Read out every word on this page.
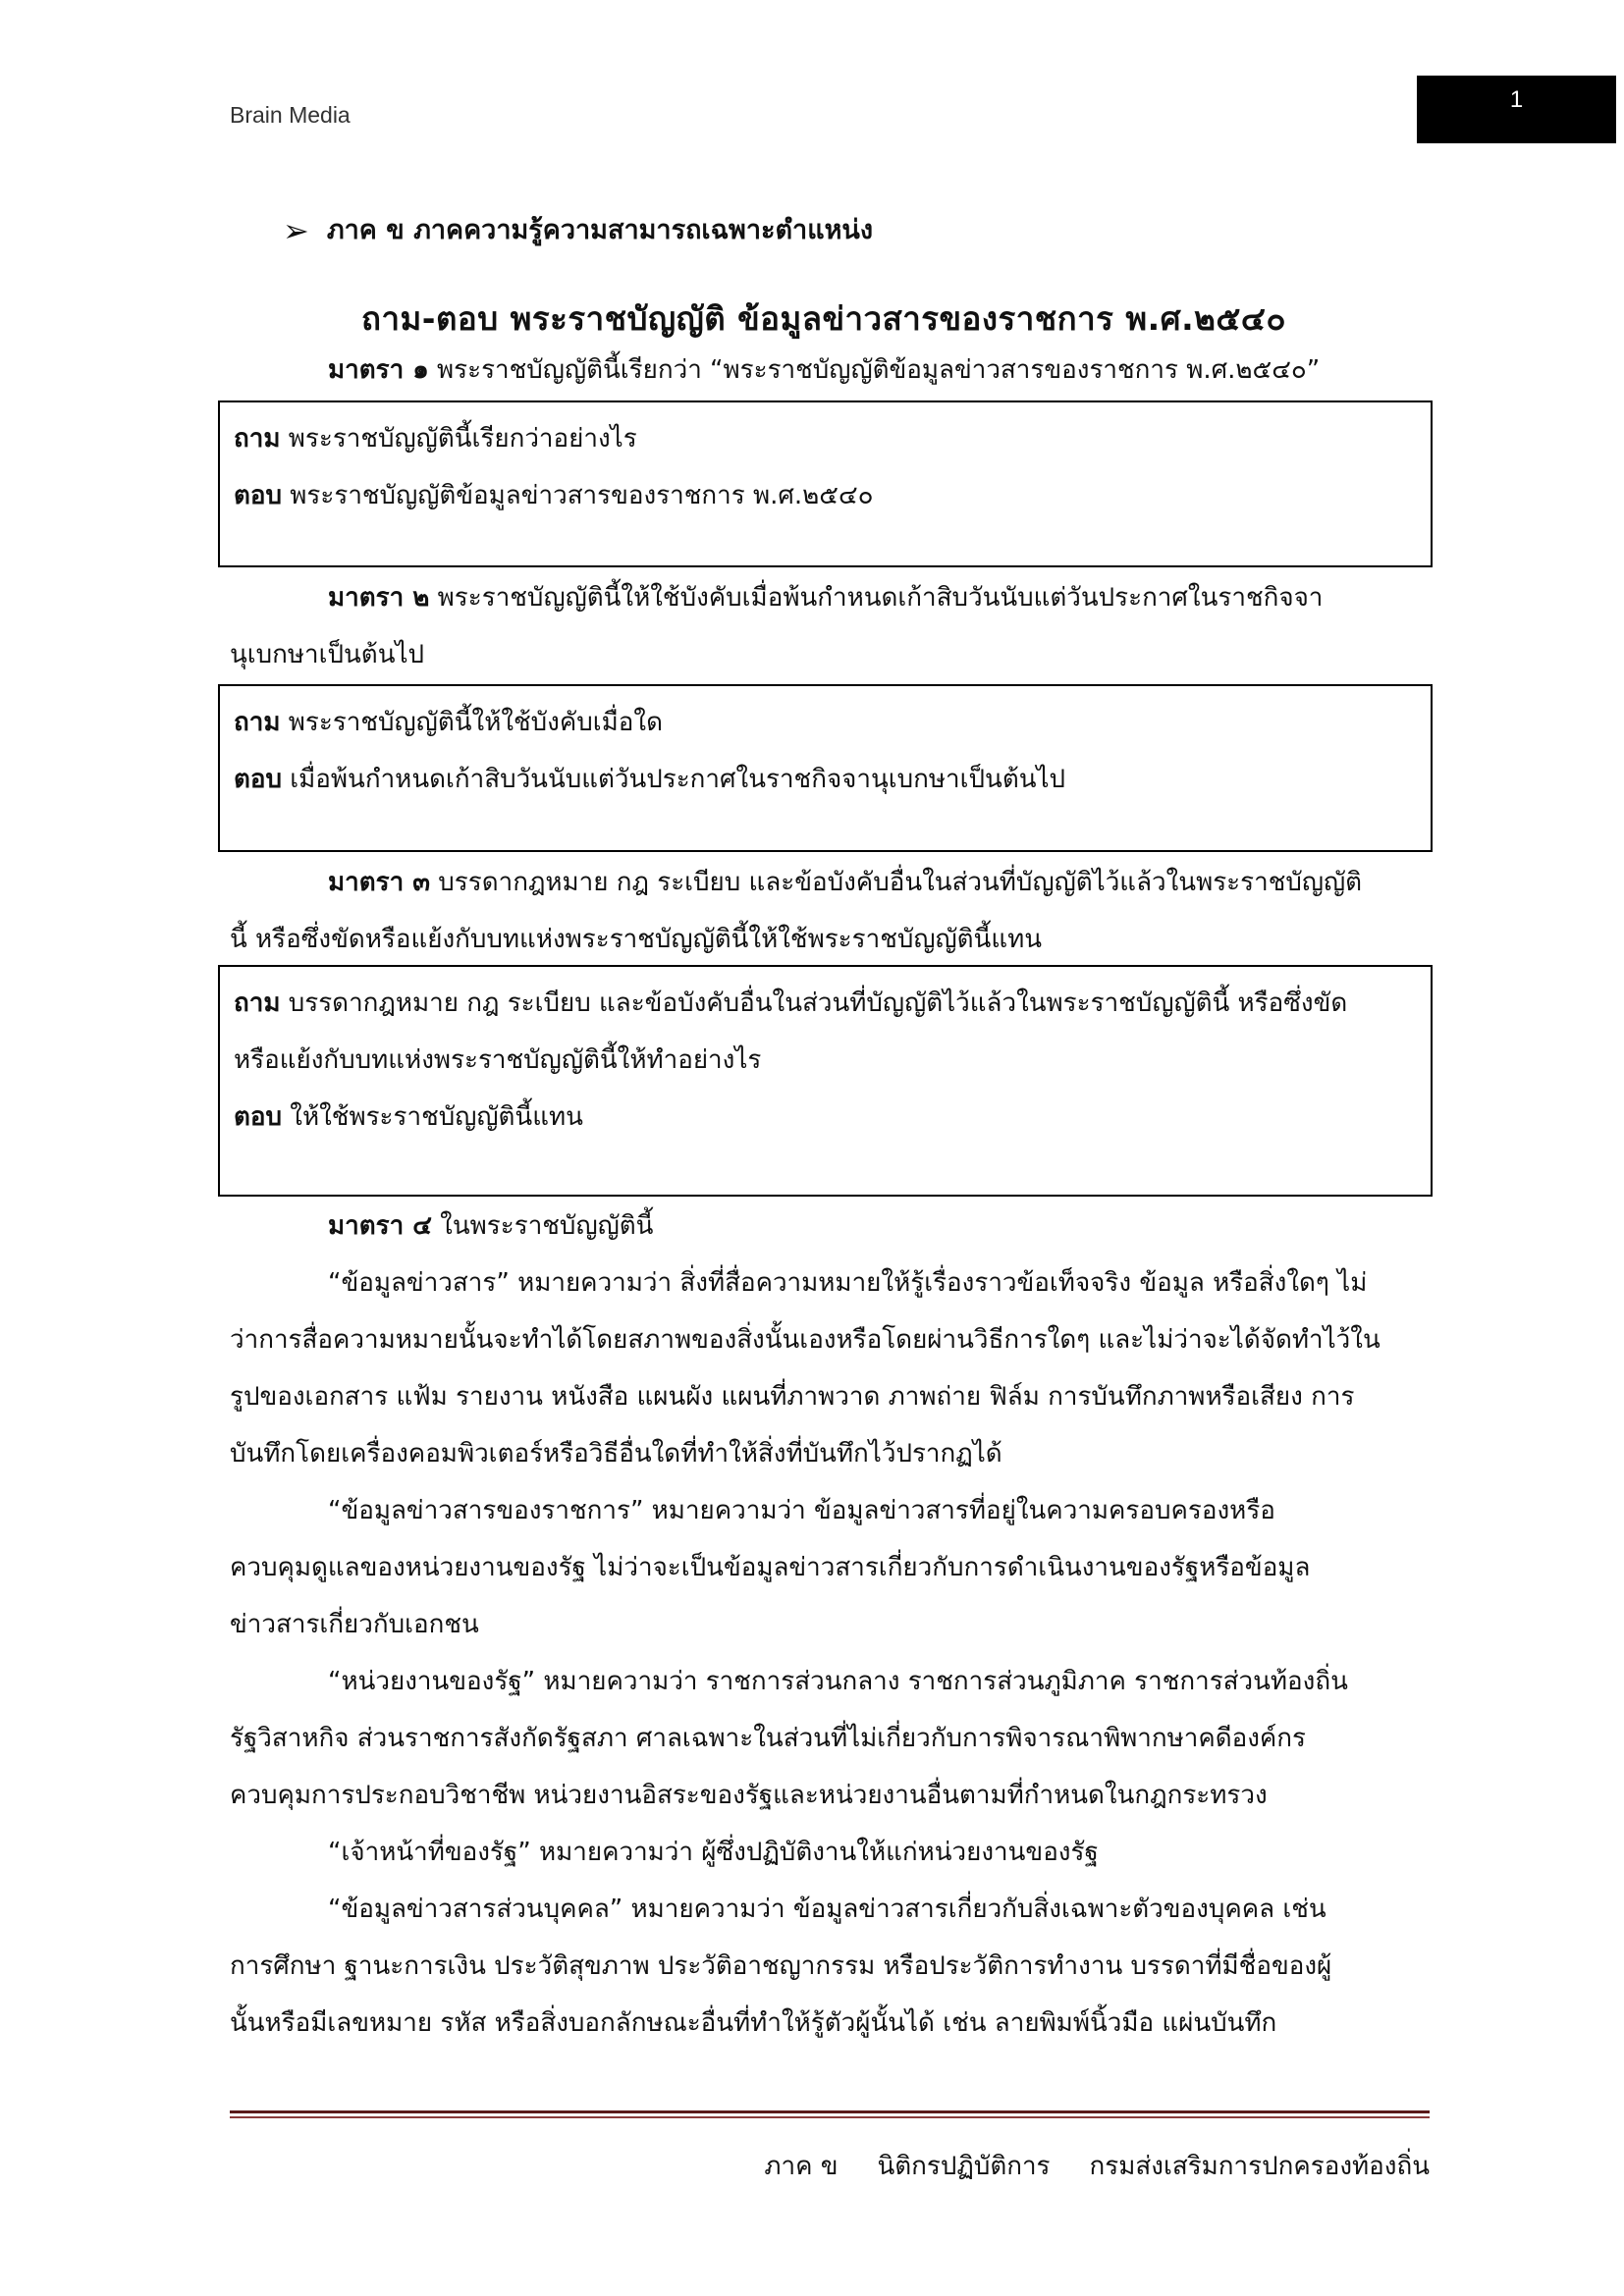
Brain Media
1
➢ ภาค ข ภาคความรู้ความสามารถเฉพาะตำแหน่ง
ถาม-ตอบ พระราชบัญญัติ ข้อมูลข่าวสารของราชการ พ.ศ.๒๕๔๐
มาตรา ๑ พระราชบัญญัตินี้เรียกว่า “พระราชบัญญัติข้อมูลข่าวสารของราชการ พ.ศ.๒๕๔๐”
ถาม พระราชบัญญัตินี้เรียกว่าอย่างไร
ตอบ พระราชบัญญัติข้อมูลข่าวสารของราชการ พ.ศ.๒๕๔๐
มาตรา ๒ พระราชบัญญัตินี้ให้ใช้บังคับเมื่อพ้นกำหนดเก้าสิบวันนับแต่วันประกาศในราชกิจจา
นุเบกษาเป็นต้นไป
ถาม พระราชบัญญัตินี้ให้ใช้บังคับเมื่อใด
ตอบ เมื่อพ้นกำหนดเก้าสิบวันนับแต่วันประกาศในราชกิจจานุเบกษาเป็นต้นไป
มาตรา ๓ บรรดากฎหมาย กฎ ระเบียบ และข้อบังคับอื่นในส่วนที่บัญญัติไว้แล้วในพระราชบัญญัติ
นี้ หรือซึ่งขัดหรือแย้งกับบทแห่งพระราชบัญญัตินี้ให้ใช้พระราชบัญญัตินี้แทน
ถาม บรรดากฎหมาย กฎ ระเบียบ และข้อบังคับอื่นในส่วนที่บัญญัติไว้แล้วในพระราชบัญญัตินี้ หรือซึ่งขัด
หรือแย้งกับบทแห่งพระราชบัญญัตินี้ให้ทำอย่างไร
ตอบ ให้ใช้พระราชบัญญัตินี้แทน
มาตรา ๔ ในพระราชบัญญัตินี้
“ข้อมูลข่าวสาร” หมายความว่า สิ่งที่สื่อความหมายให้รู้เรื่องราวข้อเท็จจริง ข้อมูล หรือสิ่งใดๆ ไม่
ว่าการสื่อความหมายนั้นจะทำได้โดยสภาพของสิ่งนั้นเองหรือโดยผ่านวิธีการใดๆ และไม่ว่าจะได้จัดทำไว้ใน
รูปของเอกสาร แฟ้ม รายงาน หนังสือ แผนผัง แผนที่ภาพวาด ภาพถ่าย ฟิล์ม การบันทึกภาพหรือเสียง การ
บันทึกโดยเครื่องคอมพิวเตอร์หรือวิธีอื่นใดที่ทำให้สิ่งที่บันทึกไว้ปรากฏได้
“ข้อมูลข่าวสารของราชการ” หมายความว่า ข้อมูลข่าวสารที่อยู่ในความครอบครองหรือ
ควบคุมดูแลของหน่วยงานของรัฐ ไม่ว่าจะเป็นข้อมูลข่าวสารเกี่ยวกับการดำเนินงานของรัฐหรือข้อมูล
ข่าวสารเกี่ยวกับเอกชน
“หน่วยงานของรัฐ” หมายความว่า ราชการส่วนกลาง ราชการส่วนภูมิภาค ราชการส่วนท้องถิ่น
รัฐวิสาหกิจ ส่วนราชการสังกัดรัฐสภา ศาลเฉพาะในส่วนที่ไม่เกี่ยวกับการพิจารณาพิพากษาคดีองค์กร
ควบคุมการประกอบวิชาชีพ หน่วยงานอิสระของรัฐและหน่วยงานอื่นตามที่กำหนดในกฎกระทรวง
“เจ้าหน้าที่ของรัฐ” หมายความว่า ผู้ซึ่งปฏิบัติงานให้แก่หน่วยงานของรัฐ
“ข้อมูลข่าวสารส่วนบุคคล” หมายความว่า ข้อมูลข่าวสารเกี่ยวกับสิ่งเฉพาะตัวของบุคคล เช่น
การศึกษา ฐานะการเงิน ประวัติสุขภาพ ประวัติอาชญากรรม หรือประวัติการทำงาน บรรดาที่มีชื่อของผู้
นั้นหรือมีเลขหมาย รหัส หรือสิ่งบอกลักษณะอื่นที่ทำให้รู้ตัวผู้นั้นได้ เช่น ลายพิมพ์นิ้วมือ แผ่นบันทึก
ภาค ข นิติกรปฏิบัติการ กรมส่งเสริมการปกครองท้องถิ่น
